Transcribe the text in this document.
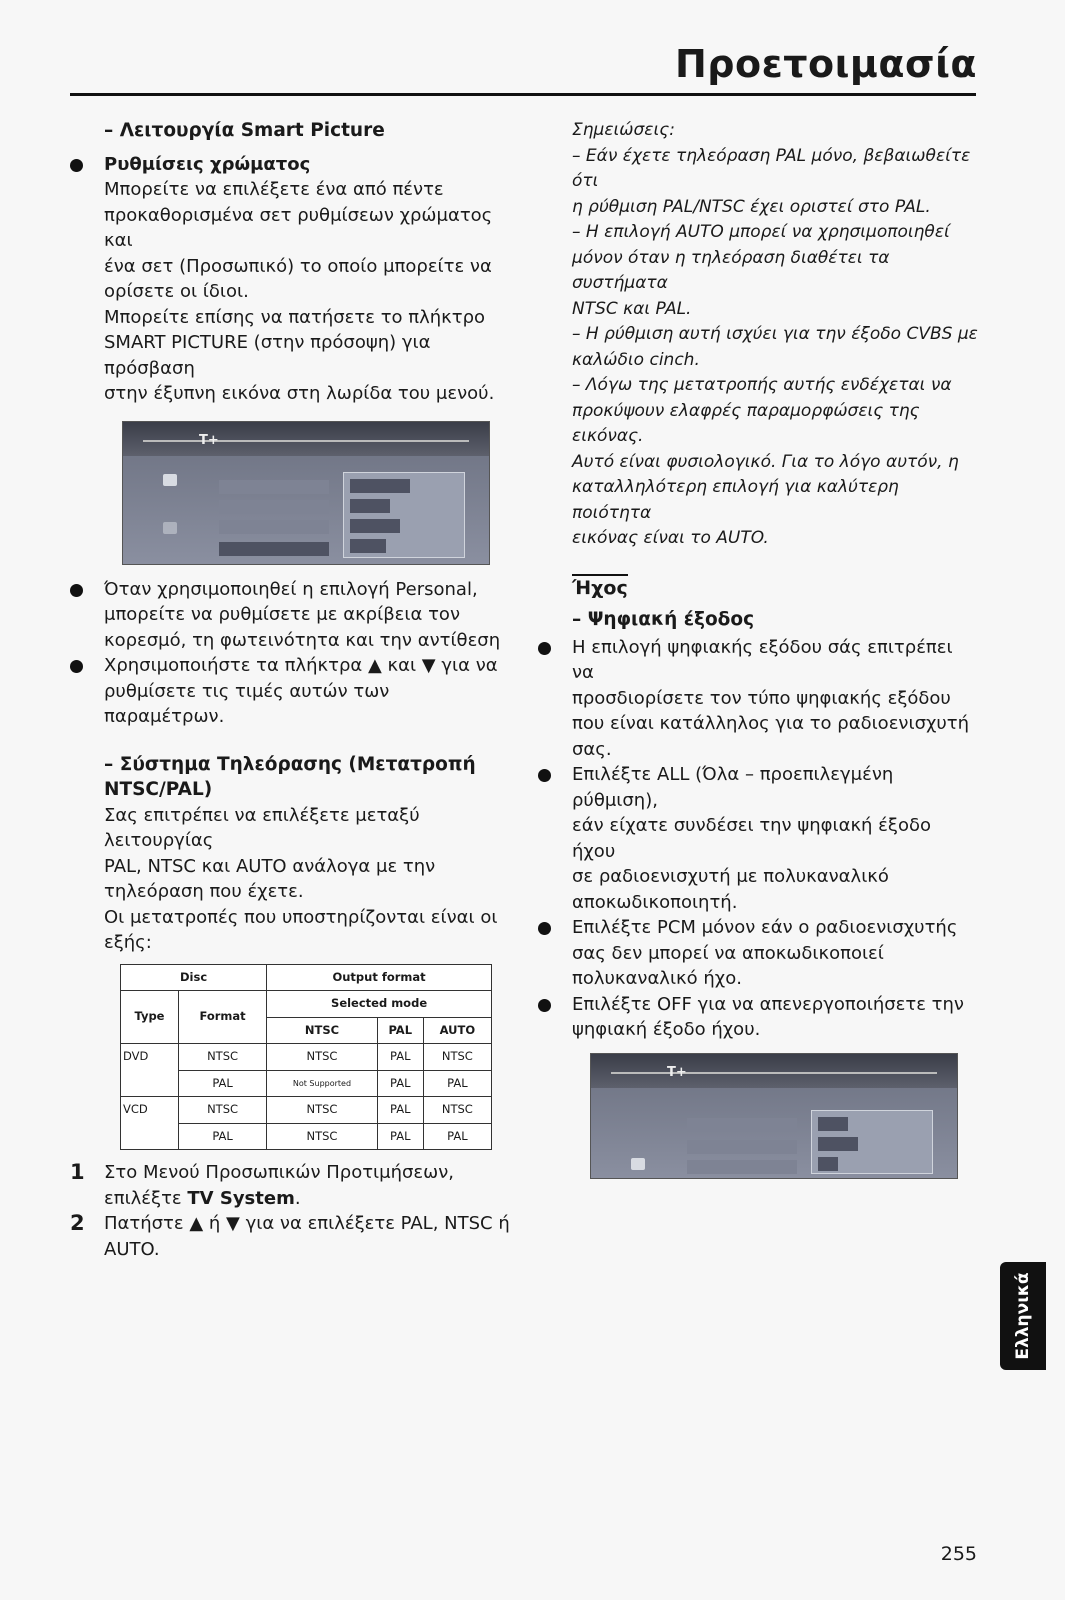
Προετοιμασία
– Λειτουργία Smart Picture
Ρυθμίσεις χρώματος
Μπορείτε να επιλέξετε ένα από πέντε
προκαθορισμένα σετ ρυθμίσεων χρώματος και
ένα σετ (Προσωπικό) το οποίο μπορείτε να
ορίσετε οι ίδιοι.
Μπορείτε επίσης να πατήσετε το πλήκτρο
SMART PICTURE (στην πρόσοψη) για πρόσβαση
στην έξυπνη εικόνα στη λωρίδα του μενού.
T+
Όταν χρησιμοποιηθεί η επιλογή Personal,
μπορείτε να ρυθμίσετε με ακρίβεια τον
κορεσμό, τη φωτεινότητα και την αντίθεση
Χρησιμοποιήστε τα πλήκτρα ▲ και ▼ για να
ρυθμίσετε τις τιμές αυτών των παραμέτρων.
– Σύστημα Τηλεόρασης (Μετατροπή
NTSC/PAL)
Σας επιτρέπει να επιλέξετε μεταξύ λειτουργίας
PAL, NTSC και AUTO ανάλογα με την
τηλεόραση που έχετε.
Οι μετατροπές που υποστηρίζονται είναι οι
εξής:
Disc		Output format		
Type	Format	Selected mode		
		NTSC	PAL	AUTO
DVD	NTSC	NTSC	PAL	NTSC
	PAL	Not Supported	PAL	PAL
VCD	NTSC	NTSC	PAL	NTSC
	PAL	NTSC	PAL	PAL
1 Στο Μενού Προσωπικών Προτιμήσεων,
επιλέξτε TV System.
2 Πατήστε ▲ ή ▼ για να επιλέξετε PAL, NTSC ή
AUTO.
Σημειώσεις:
– Εάν έχετε τηλεόραση PAL μόνο, βεβαιωθείτε ότι
η ρύθμιση PAL/NTSC έχει οριστεί στο PAL.
– Η επιλογή AUTO μπορεί να χρησιμοποιηθεί
μόνον όταν η τηλεόραση διαθέτει τα συστήματα
NTSC και PAL.
– Η ρύθμιση αυτή ισχύει για την έξοδο CVBS με
καλώδιο cinch.
– Λόγω της μετατροπής αυτής ενδέχεται να
προκύψουν ελαφρές παραμορφώσεις της εικόνας.
Αυτό είναι φυσιολογικό. Για το λόγο αυτόν, η
καταλληλότερη επιλογή για καλύτερη ποιότητα
εικόνας είναι το AUTO.
Ήχος
– Ψηφιακή έξοδος
Η επιλογή ψηφιακής εξόδου σάς επιτρέπει να
προσδιορίσετε τον τύπο ψηφιακής εξόδου
που είναι κατάλληλος για το ραδιοενισχυτή
σας.
Επιλέξτε ALL (Όλα – προεπιλεγμένη ρύθμιση),
εάν είχατε συνδέσει την ψηφιακή έξοδο ήχου
σε ραδιοενισχυτή με πολυκαναλικό
αποκωδικοποιητή.
Επιλέξτε PCM μόνον εάν ο ραδιοενισχυτής
σας δεν μπορεί να αποκωδικοποιεί
πολυκαναλικό ήχο.
Επιλέξτε OFF για να απενεργοποιήσετε την
ψηφιακή έξοδο ήχου.
T+
Ελληνικά
255
